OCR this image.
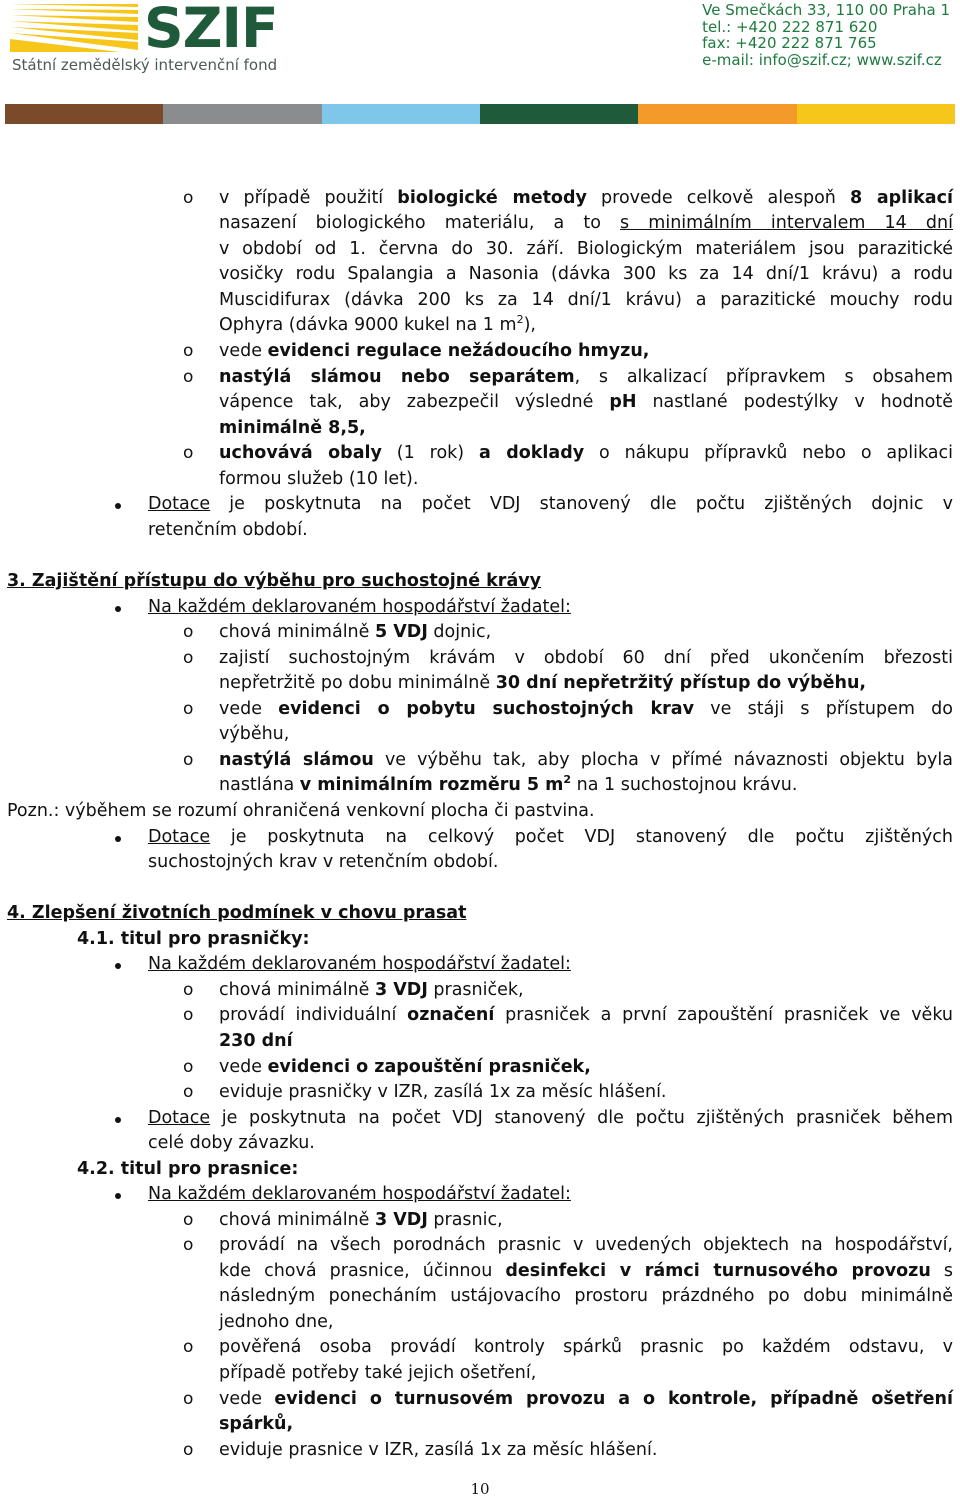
SZIF
Státní zemědělský intervenční fond
Ve Smečkách 33, 110 00 Praha 1
tel.: +420 222 871 620
fax: +420 222 871 765
e-mail: info@szif.cz; www.szif.cz
o v případě použití biologické metody provede celkově alespoň 8 aplikací
nasazení biologického materiálu, a to s minimálním intervalem 14 dní
v období od 1. června do 30. září. Biologickým materiálem jsou parazitické
vosičky rodu Spalangia a Nasonia (dávka 300 ks za 14 dní/1 krávu) a rodu
Muscidifurax (dávka 200 ks za 14 dní/1 krávu) a parazitické mouchy rodu
Ophyra (dávka 9000 kukel na 1 $m^2$),
o vede evidenci regulace nežádoucího hmyzu,
o nastýlá slámou nebo separátem, s alkalizací přípravkem s obsahem
vápence tak, aby zabezpečil výsledné pH nastlané podestýlky v hodnotě
minimálně 8,5,
o uchovává obaly (1 rok) a doklady o nákupu přípravků nebo o aplikaci
formou služeb (10 let).
Dotace je poskytnuta na počet VDJ stanovený dle počtu zjištěných dojnic v
retenčním období.
3. Zajištění přístupu do výběhu pro suchostojné krávy
Na každém deklarovaném hospodářství žadatel:
o chová minimálně 5 VDJ dojnic,
o zajistí suchostojným krávám v období 60 dní před ukončením březosti
nepřetržitě po dobu minimálně 30 dní nepřetržitý přístup do výběhu,
o vede evidenci o pobytu suchostojných krav ve stáji s přístupem do
výběhu,
o nastýlá slámou ve výběhu tak, aby plocha v přímé návaznosti objektu byla
nastlána v minimálním rozměru 5 $m^2$ na 1 suchostojnou krávu.
Pozn.: výběhem se rozumí ohraničená venkovní plocha či pastvina.
Dotace je poskytnuta na celkový počet VDJ stanovený dle počtu zjištěných
suchostojných krav v retenčním období.
4. Zlepšení životních podmínek v chovu prasat
4.1. titul pro prasničky:
Na každém deklarovaném hospodářství žadatel:
o chová minimálně 3 VDJ prasniček,
o provádí individuální označení prasniček a první zapouštění prasniček ve věku
230 dní
o vede evidenci o zapouštění prasniček,
o eviduje prasničky v IZR, zasílá 1x za měsíc hlášení.
Dotace je poskytnuta na počet VDJ stanovený dle počtu zjištěných prasniček během
celé doby závazku.
4.2. titul pro prasnice:
Na každém deklarovaném hospodářství žadatel:
o chová minimálně 3 VDJ prasnic,
o provádí na všech porodnách prasnic v uvedených objektech na hospodářství,
kde chová prasnice, účinnou desinfekci v rámci turnusového provozu s
následným ponecháním ustájovacího prostoru prázdného po dobu minimálně
jednoho dne,
o pověřená osoba provádí kontroly spárků prasnic po každém odstavu, v
případě potřeby také jejich ošetření,
o vede evidenci o turnusovém provozu a o kontrole, případně ošetření
spárků,
o eviduje prasnice v IZR, zasílá 1x za měsíc hlášení.
10
